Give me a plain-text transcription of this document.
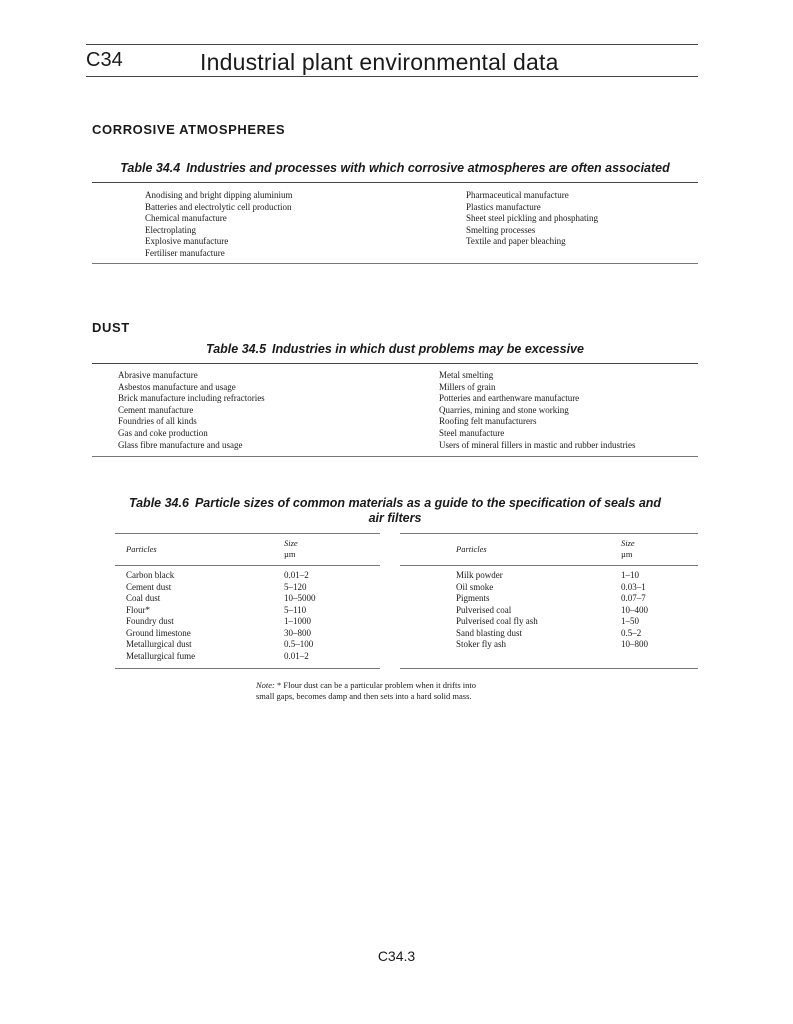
C34	Industrial plant environmental data
CORROSIVE ATMOSPHERES
Table 34.4 Industries and processes with which corrosive atmospheres are often associated
Anodising and bright dipping aluminium
Batteries and electrolytic cell production
Chemical manufacture
Electroplating
Explosive manufacture
Fertiliser manufacture
Pharmaceutical manufacture
Plastics manufacture
Sheet steel pickling and phosphating
Smelting processes
Textile and paper bleaching
DUST
Table 34.5 Industries in which dust problems may be excessive
Abrasive manufacture
Asbestos manufacture and usage
Brick manufacture including refractories
Cement manufacture
Foundries of all kinds
Gas and coke production
Glass fibre manufacture and usage
Metal smelting
Millers of grain
Potteries and earthenware manufacture
Quarries, mining and stone working
Roofing felt manufacturers
Steel manufacture
Users of mineral fillers in mastic and rubber industries
Table 34.6 Particle sizes of common materials as a guide to the specification of seals and
air filters
Particles
Size
µm	Particles
Size
µm
Carbon black
Cement dust
Coal dust
Flour*
Foundry dust
Ground limestone
Metallurgical dust
Metallurgical fume
0.01–2
5–120
10–5000
5–110
1–1000
30–800
0.5–100
0.01–2
Milk powder
Oil smoke
Pigments
Pulverised coal
Pulverised coal fly ash
Sand blasting dust
Stoker fly ash
1–10
0.03–1
0.07–7
10–400
1–50
0.5–2
10–800
Note: * Flour dust can be a particular problem when it drifts into
small gaps, becomes damp and then sets into a hard solid mass.
C34.3
